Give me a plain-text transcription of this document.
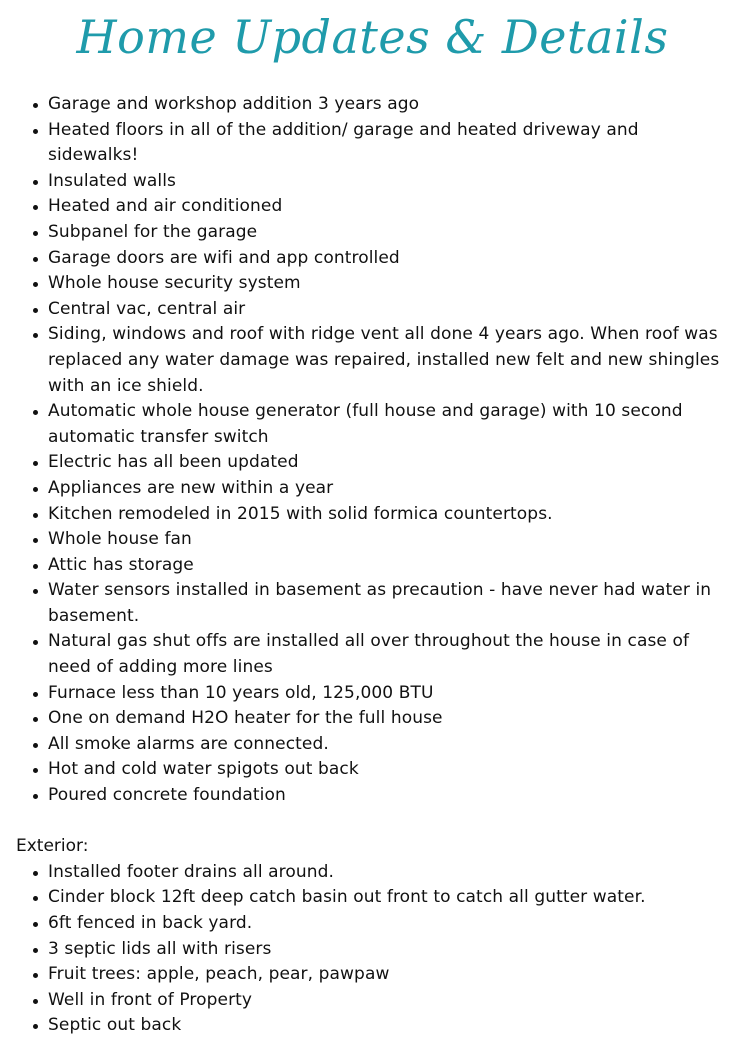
Home Updates & Details
Garage and workshop addition 3 years ago
Heated floors in all of the addition/ garage and heated driveway and sidewalks!
Insulated walls
Heated and air conditioned
Subpanel for the garage
Garage doors are wifi and app controlled
Whole house security system
Central vac, central air
Siding, windows and roof with ridge vent all done 4 years ago. When roof was replaced any water damage was repaired, installed new felt and new shingles with an ice shield.
Automatic whole house generator (full house and garage) with 10 second automatic transfer switch
Electric has all been updated
Appliances are new within a year
Kitchen remodeled in 2015 with solid formica countertops.
Whole house fan
Attic has storage
Water sensors installed in basement as precaution - have never had water in basement.
Natural gas shut offs are installed all over throughout the house in case of need of adding more lines
Furnace less than 10 years old, 125,000 BTU
One on demand H2O heater for the full house
All smoke alarms are connected.
Hot and cold water spigots out back
Poured concrete foundation
Exterior:
Installed footer drains all around.
Cinder block 12ft deep catch basin out front to catch all gutter water.
6ft fenced in back yard.
3 septic lids all with risers
Fruit trees: apple, peach, pear, pawpaw
Well in front of Property
Septic out back
